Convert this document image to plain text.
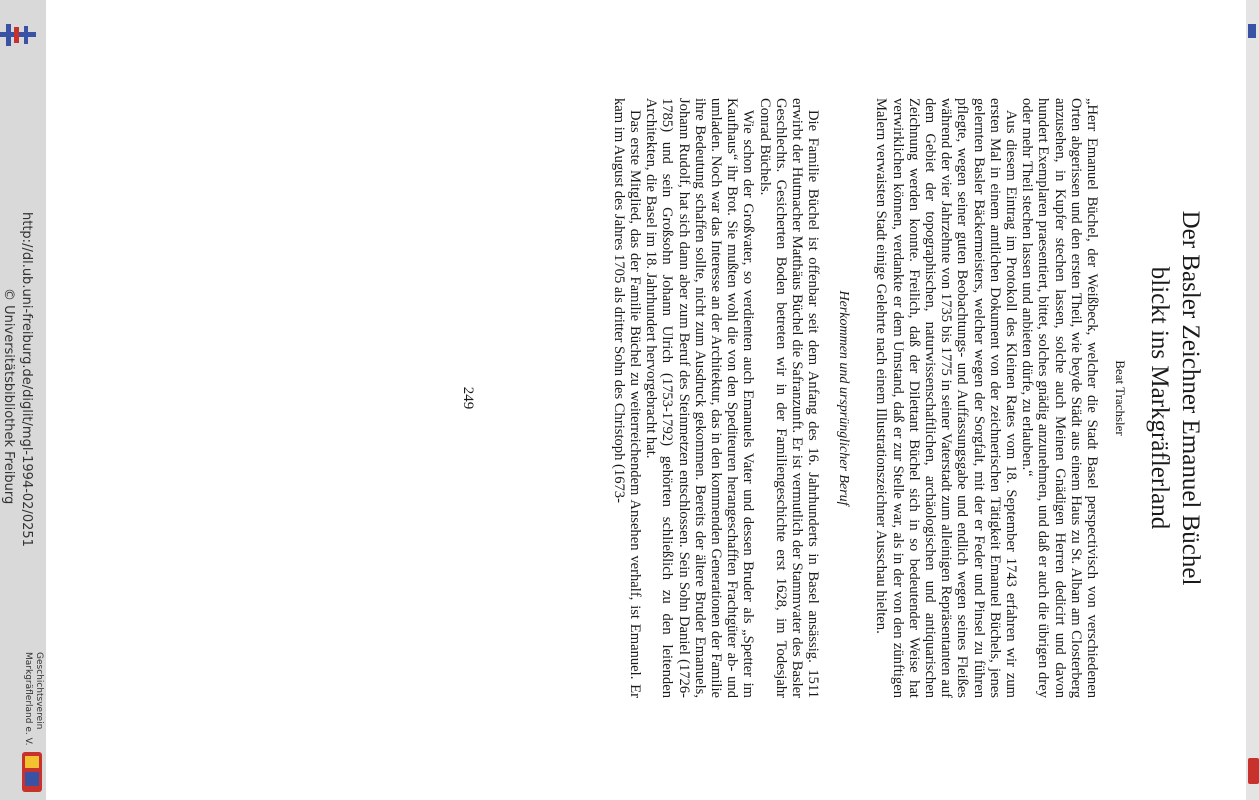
http://dl.ub.uni-freiburg.de/diglit/mgl-1994-02/0251
© Universitätsbibliothek Freiburg
Geschichtsverein
Markgräflerland e. V.
Der Basler Zeichner Emanuel Büchel
blickt ins Markgräflerland
Beat Trachsler

„Herr Emanuel Büchel, der Weißbeck, welcher die Stadt Basel perspectivisch von verschiedenen Orten abgerissen und den ersten Theil, wie beyde Städt aus einem Haus zu St. Alban am Closterberg anzusehen, in Kupfer stechen lassen, solche auch Meinen Gnädigen Herren dedicirt und davon hundert Exemplaren praesentiert, bittet, solches gnädig anzunehmen, und daß er auch die übrigen drey oder mehr Theil stechen lassen und anbieten dürfe, zu erlauben.“

Aus diesem Eintrag im Protokoll des Kleinen Rates vom 18. September 1743 erfahren wir zum ersten Mal in einem amtlichen Dokument von der zeichnerischen Tätigkeit Emanuel Büchels, jenes gelernten Basler Bäckermeisters, welcher wegen der Sorgfalt, mit der er Feder und Pinsel zu führen pflegte, wegen seiner guten Beobachtungs- und Auffassungsgabe und endlich wegen seines Fleißes während der vier Jahrzehnte von 1735 bis 1775 in seiner Vaterstadt zum alleinigen Repräsentanten auf dem Gebiet der topographischen, naturwissenschaftlichen, archäologischen und antiquarischen Zeichnung werden konnte. Freilich, daß der Dilettant Büchel sich in so bedeutender Weise hat verwirklichen können, verdankte er dem Umstand, daß er zur Stelle war, als in der von den zünftigen Malern verwaisten Stadt einige Gelehrte nach einem Illustrationszeichner Ausschau hielten.

Herkommen und ursprünglicher Beruf

Die Familie Büchel ist offenbar seit dem Anfang des 16. Jahrhunderts in Basel ansässig. 1511 erwirbt der Hutmacher Matthäus Büchel die Safranzunft. Er ist vermutlich der Stammvater des Basler Geschlechts. Gesicherten Boden betreten wir in der Familiengeschichte erst 1628, im Todesjahr Conrad Büchels.

Wie schon der Großvater, so verdienten auch Emanuels Vater und dessen Bruder als „Spetter im Kaufhaus“ ihr Brot. Sie mußten wohl die von den Spediteuren herangeschafften Frachtgüter ab- und umladen. Noch war das Interesse an der Architektur, das in den kommenden Generationen der Familie ihre Bedeutung schaffen sollte, nicht zum Ausdruck gekommen. Bereits der ältere Bruder Emanuels, Johann Rudolf, hat sich dann aber zum Beruf des Steinmetzen entschlossen. Sein Sohn Daniel (1726-1785) und sein Großsohn Johann Ulrich (1753-1792) gehörten schließlich zu den leitenden Architekten, die Basel im 18. Jahrhundert hervorgebracht hat.

Das erste Mitglied, das der Familie Büchel zu weiterreichendem Ansehen verhalf, ist Emanuel. Er kam im August des Jahres 1705 als dritter Sohn des Christoph (1673-

249
